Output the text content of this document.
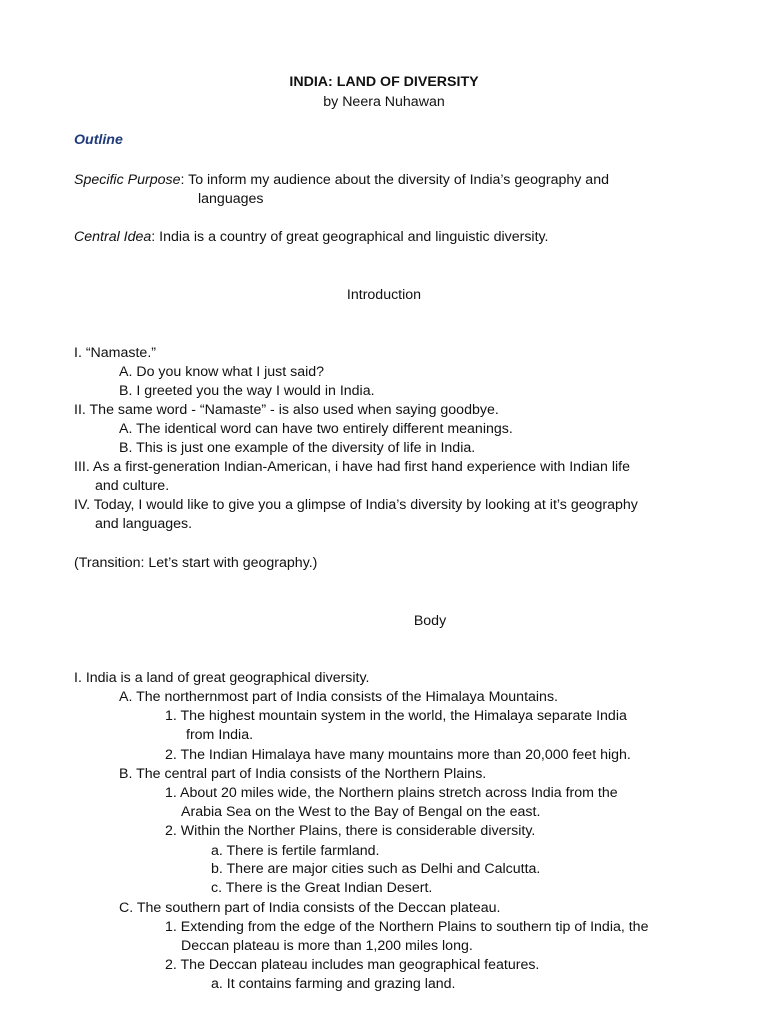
INDIA: LAND OF DIVERSITY
by Neera Nuhawan
Outline
Specific Purpose: To inform my audience about the diversity of India’s geography and
languages
Central Idea: India is a country of great geographical and linguistic diversity.
Introduction
I. “Namaste.”
A. Do you know what I just said?
B. I greeted you the way I would in India.
II. The same word - “Namaste” - is also used when saying goodbye.
A. The identical word can have two entirely different meanings.
B. This is just one example of the diversity of life in India.
III. As a first-generation Indian-American, i have had first hand experience with Indian life
and culture.
IV. Today, I would like to give you a glimpse of India’s diversity by looking at it’s geography
and languages.
(Transition: Let’s start with geography.)
Body
I. India is a land of great geographical diversity.
A. The northernmost part of India consists of the Himalaya Mountains.
1. The highest mountain system in the world, the Himalaya separate India
from India.
2. The Indian Himalaya have many mountains more than 20,000 feet high.
B. The central part of India consists of the Northern Plains.
1. About 20 miles wide, the Northern plains stretch across India from the
Arabia Sea on the West to the Bay of Bengal on the east.
2. Within the Norther Plains, there is considerable diversity.
a. There is fertile farmland.
b. There are major cities such as Delhi and Calcutta.
c. There is the Great Indian Desert.
C. The southern part of India consists of the Deccan plateau.
1. Extending from the edge of the Northern Plains to southern tip of India, the
Deccan plateau is more than 1,200 miles long.
2. The Deccan plateau includes man geographical features.
a. It contains farming and grazing land.
